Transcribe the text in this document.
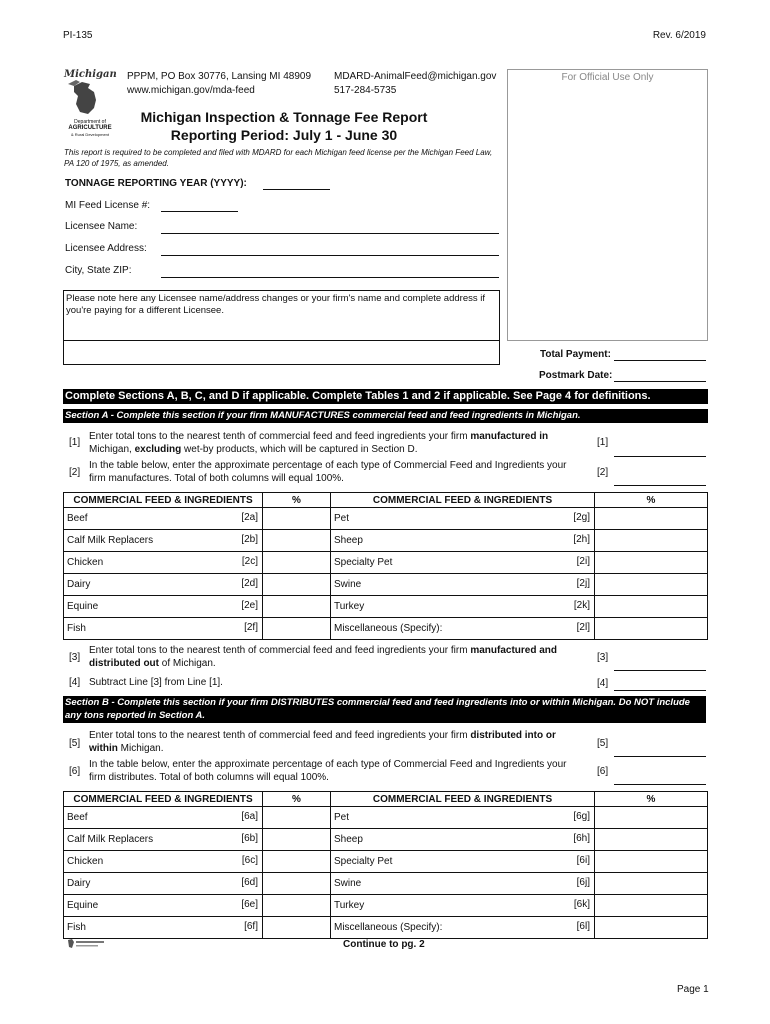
PI-135	Rev. 6/2019
Michigan
Department of
AGRICULTURE
& Rural Development
PPPM, PO Box 30776, Lansing MI 48909
www.michigan.gov/mda-feed
MDARD-AnimalFeed@michigan.gov
517-284-5735
For Official Use Only
Michigan Inspection & Tonnage Fee Report
Reporting Period: July 1 - June 30
This report is required to be completed and filed with MDARD for each Michigan feed license per the Michigan Feed Law, PA 120 of 1975, as amended.
TONNAGE REPORTING YEAR (YYYY):
MI Feed License #:
Licensee Name:
Licensee Address:
City, State ZIP:
Please note here any Licensee name/address changes or your firm's name and complete address if you're paying for a different Licensee.
Total Payment:
Postmark Date:
Complete Sections A, B, C, and D if applicable. Complete Tables 1 and 2 if applicable. See Page 4 for definitions.
Section A - Complete this section if your firm MANUFACTURES commercial feed and feed ingredients in Michigan.
[1]
Enter total tons to the nearest tenth of commercial feed and feed ingredients your firm manufactured in
Michigan, excluding wet-by products, which will be captured in Section D.
[1]
[2]
In the table below, enter the approximate percentage of each type of Commercial Feed and Ingredients your firm manufactures. Total of both columns will equal 100%.
[2]
COMMERCIAL FEED & INGREDIENTS	%	COMMERCIAL FEED & INGREDIENTS	%
Beef [2a]		Pet [2g]	

Calf Milk Replacers [2b]		Sheep [2h]	

Chicken [2c]		Specialty Pet [2i]	

Dairy [2d]		Swine [2j]	

Equine [2e]		Turkey [2k]	

Fish [2f]		Miscellaneous (Specify): [2l]	

[3]
Enter total tons to the nearest tenth of commercial feed and feed ingredients your firm manufactured and
distributed out of Michigan.
[3]
[4] Subtract Line [3] from Line [1].	[4]
Section B - Complete this section if your firm DISTRIBUTES commercial feed and feed ingredients into or within Michigan. Do NOT include any tons reported in Section A.
[5]
Enter total tons to the nearest tenth of commercial feed and feed ingredients your firm distributed into or
within Michigan.	[5]
[6]
In the table below, enter the approximate percentage of each type of Commercial Feed and Ingredients your firm distributes. Total of both columns will equal 100%.
[6]
COMMERCIAL FEED & INGREDIENTS	%	COMMERCIAL FEED & INGREDIENTS	%
Beef [6a]		Pet [6g]	

Calf Milk Replacers [6b]		Sheep [6h]	

Chicken [6c]		Specialty Pet [6i]	

Dairy [6d]		Swine [6j]	

Equine [6e]		Turkey [6k]	

Fish [6f]		Miscellaneous (Specify): [6l]	

Continue to pg. 2
Page 1
